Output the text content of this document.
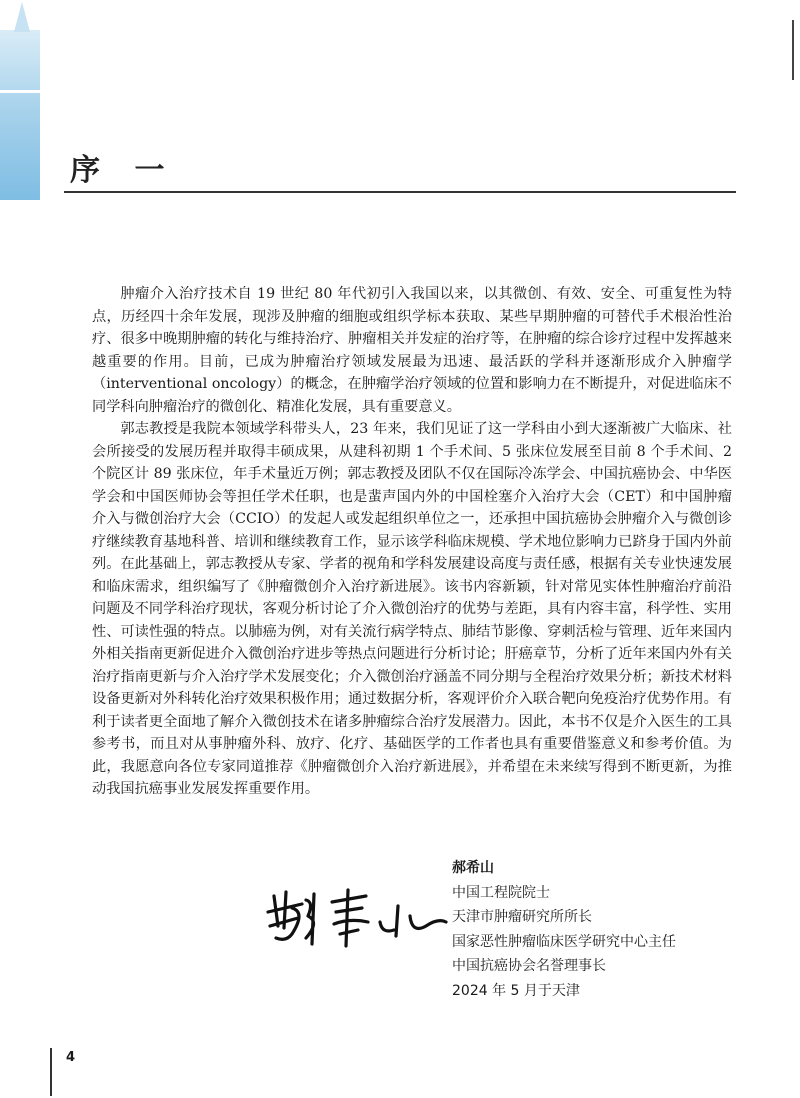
序 一

肿瘤介入治疗技术自 19 世纪 80 年代初引入我国以来，以其微创、有效、安全、可重复性为特点，历经四十余年发展，现涉及肿瘤的细胞或组织学标本获取、某些早期肿瘤的可替代手术根治性治疗、很多中晚期肿瘤的转化与维持治疗、肿瘤相关并发症的治疗等，在肿瘤的综合诊疗过程中发挥越来越重要的作用。目前，已成为肿瘤治疗领域发展最为迅速、最活跃的学科并逐渐形成介入肿瘤学（interventional oncology）的概念，在肿瘤学治疗领域的位置和影响力在不断提升，对促进临床不同学科向肿瘤治疗的微创化、精准化发展，具有重要意义。

郭志教授是我院本领域学科带头人，23 年来，我们见证了这一学科由小到大逐渐被广大临床、社会所接受的发展历程并取得丰硕成果，从建科初期 1 个手术间、5 张床位发展至目前 8 个手术间、2 个院区计 89 张床位，年手术量近万例；郭志教授及团队不仅在国际冷冻学会、中国抗癌协会、中华医学会和中国医师协会等担任学术任职，也是蜚声国内外的中国栓塞介入治疗大会（CET）和中国肿瘤介入与微创治疗大会（CCIO）的发起人或发起组织单位之一，还承担中国抗癌协会肿瘤介入与微创诊疗继续教育基地科普、培训和继续教育工作，显示该学科临床规模、学术地位影响力已跻身于国内外前列。在此基础上，郭志教授从专家、学者的视角和学科发展建设高度与责任感，根据有关专业快速发展和临床需求，组织编写了《肿瘤微创介入治疗新进展》。该书内容新颖，针对常见实体性肿瘤治疗前沿问题及不同学科治疗现状，客观分析讨论了介入微创治疗的优势与差距，具有内容丰富，科学性、实用性、可读性强的特点。以肺癌为例，对有关流行病学特点、肺结节影像、穿刺活检与管理、近年来国内外相关指南更新促进介入微创治疗进步等热点问题进行分析讨论；肝癌章节，分析了近年来国内外有关治疗指南更新与介入治疗学术发展变化；介入微创治疗涵盖不同分期与全程治疗效果分析；新技术材料设备更新对外科转化治疗效果积极作用；通过数据分析，客观评价介入联合靶向免疫治疗优势作用。有利于读者更全面地了解介入微创技术在诸多肿瘤综合治疗发展潜力。因此，本书不仅是介入医生的工具参考书，而且对从事肿瘤外科、放疗、化疗、基础医学的工作者也具有重要借鉴意义和参考价值。为此，我愿意向各位专家同道推荐《肿瘤微创介入治疗新进展》，并希望在未来续写得到不断更新，为推动我国抗癌事业发展发挥重要作用。

郝希山
中国工程院院士
天津市肿瘤研究所所长
国家恶性肿瘤临床医学研究中心主任
中国抗癌协会名誉理事长
2024 年 5 月于天津
4
